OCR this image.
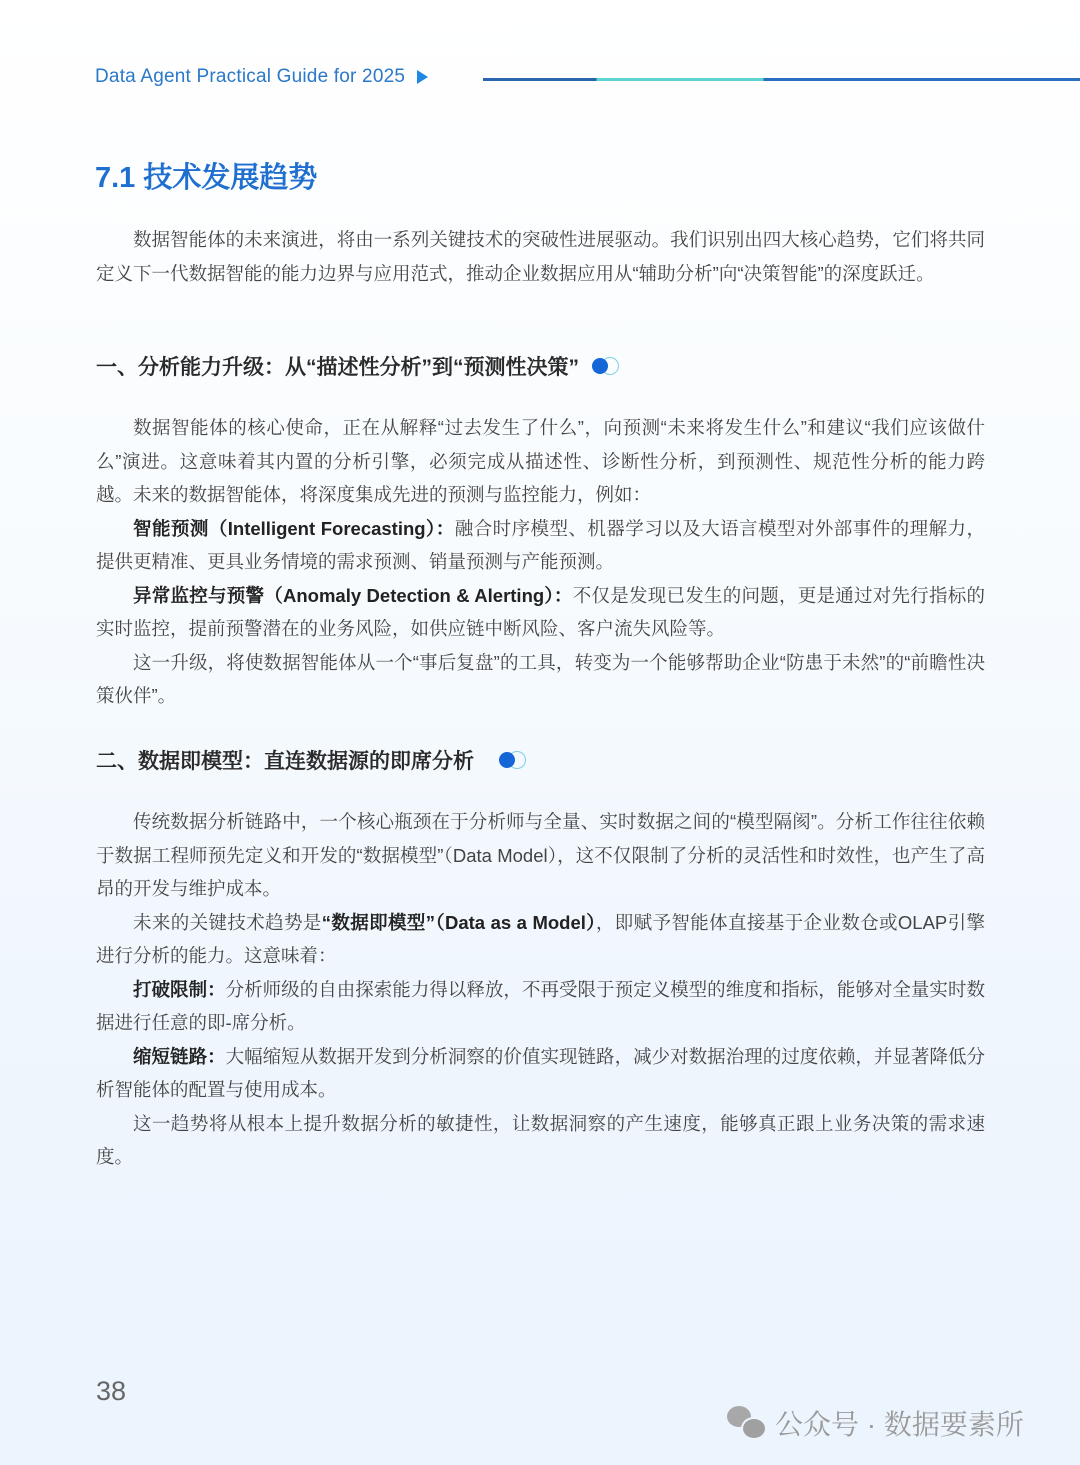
Data Agent Practical Guide for 2025
7.1 技术发展趋势

数据智能体的未来演进，将由一系列关键技术的突破性进展驱动。我们识别出四大核心趋势，它们将共同定义下一代数据智能的能力边界与应用范式，推动企业数据应用从“辅助分析”向“决策智能”的深度跃迁。

一、分析能力升级：从“描述性分析”到“预测性决策”

数据智能体的核心使命，正在从解释“过去发生了什么”，向预测“未来将发生什么”和建议“我们应该做什么”演进。这意味着其内置的分析引擎，必须完成从描述性、诊断性分析，到预测性、规范性分析的能力跨越。未来的数据智能体，将深度集成先进的预测与监控能力，例如：

智能预测（Intelligent Forecasting）：融合时序模型、机器学习以及大语言模型对外部事件的理解力，提供更精准、更具业务情境的需求预测、销量预测与产能预测。

异常监控与预警（Anomaly Detection & Alerting）：不仅是发现已发生的问题，更是通过对先行指标的实时监控，提前预警潜在的业务风险，如供应链中断风险、客户流失风险等。

这一升级，将使数据智能体从一个“事后复盘”的工具，转变为一个能够帮助企业“防患于未然”的“前瞻性决策伙伴”。

二、数据即模型：直连数据源的即席分析

传统数据分析链路中，一个核心瓶颈在于分析师与全量、实时数据之间的“模型隔阂”。分析工作往往依赖于数据工程师预先定义和开发的“数据模型”（Data Model），这不仅限制了分析的灵活性和时效性，也产生了高昂的开发与维护成本。

未来的关键技术趋势是“数据即模型”（Data as a Model），即赋予智能体直接基于企业数仓或OLAP引擎进行分析的能力。这意味着：

打破限制：分析师级的自由探索能力得以释放，不再受限于预定义模型的维度和指标，能够对全量实时数据进行任意的即-席分析。

缩短链路：大幅缩短从数据开发到分析洞察的价值实现链路，减少对数据治理的过度依赖，并显著降低分析智能体的配置与使用成本。

这一趋势将从根本上提升数据分析的敏捷性，让数据洞察的产生速度，能够真正跟上业务决策的需求速度。

38
公众号 · 数据要素所
